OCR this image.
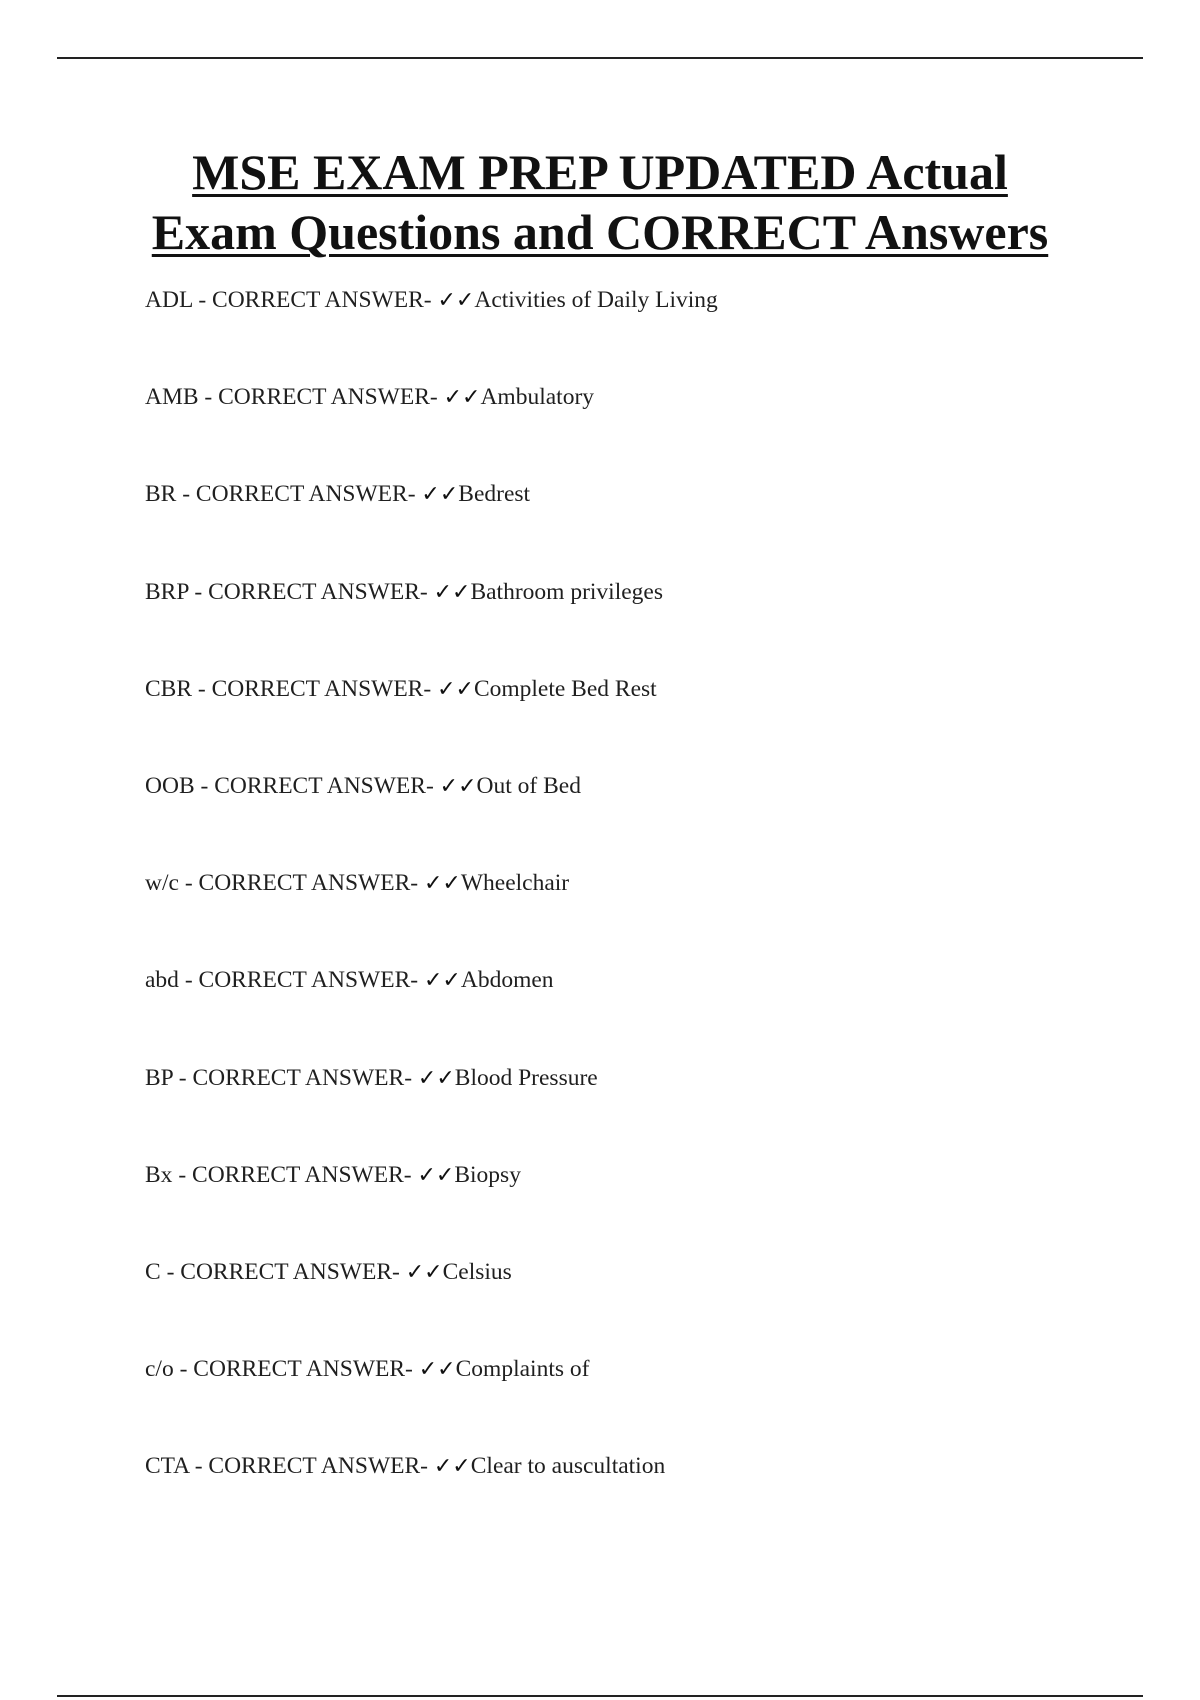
MSE EXAM PREP UPDATED Actual
Exam Questions and CORRECT Answers
ADL - CORRECT ANSWER- ✓✓Activities of Daily Living
AMB - CORRECT ANSWER- ✓✓Ambulatory
BR - CORRECT ANSWER- ✓✓Bedrest
BRP - CORRECT ANSWER- ✓✓Bathroom privileges
CBR - CORRECT ANSWER- ✓✓Complete Bed Rest
OOB - CORRECT ANSWER- ✓✓Out of Bed
w/c - CORRECT ANSWER- ✓✓Wheelchair
abd - CORRECT ANSWER- ✓✓Abdomen
BP - CORRECT ANSWER- ✓✓Blood Pressure
Bx - CORRECT ANSWER- ✓✓Biopsy
C - CORRECT ANSWER- ✓✓Celsius
c/o - CORRECT ANSWER- ✓✓Complaints of
CTA - CORRECT ANSWER- ✓✓Clear to auscultation
